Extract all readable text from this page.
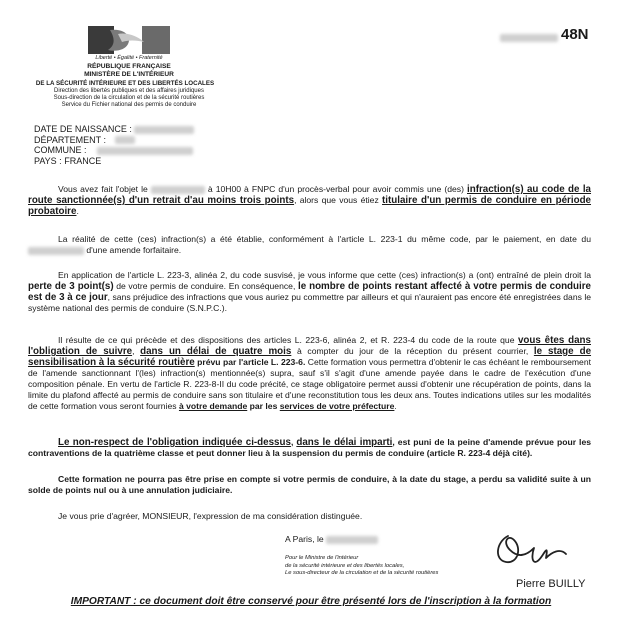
Liberté • Égalité • Fraternité
RÉPUBLIQUE FRANÇAISE
MINISTÈRE DE L'INTÉRIEUR
DE LA SÉCURITÉ INTÉRIEURE ET DES LIBERTÉS LOCALES
Direction des libertés publiques et des affaires juridiques
Sous-direction de la circulation et de la sécurité routières
Service du Fichier national des permis de conduire
48N
DATE DE NAISSANCE :
DÉPARTEMENT :
COMMUNE :
PAYS : FRANCE
Vous avez fait l'objet le	à 10H00 à FNPC d'un procès-verbal pour avoir commis une (des) infraction(s) au code de la route sanctionnée(s) d'un retrait d'au moins trois points, alors que vous étiez titulaire d'un permis de conduire en période probatoire.
La réalité de cette (ces) infraction(s) a été établie, conformément à l'article L. 223-1 du même code, par le paiement, en date du  d'une amende forfaitaire.
En application de l'article L. 223-3, alinéa 2, du code susvisé, je vous informe que cette (ces) infraction(s) a (ont) entraîné de plein droit la perte de 3 point(s) de votre permis de conduire. En conséquence, le nombre de points restant affecté à votre permis de conduire est de 3 à ce jour, sans préjudice des infractions que vous auriez pu commettre par ailleurs et qui n'auraient pas encore été enregistrées dans le système national des permis de conduire (S.N.P.C.).
Il résulte de ce qui précède et des dispositions des articles L. 223-6, alinéa 2, et R. 223-4 du code de la route que vous êtes dans l'obligation de suivre, dans un délai de quatre mois à compter du jour de la réception du présent courrier, le stage de sensibilisation à la sécurité routière prévu par l'article L. 223-6. Cette formation vous permettra d'obtenir le cas échéant le remboursement de l'amende sanctionnant l'(les) infraction(s) mentionnée(s) supra, sauf s'il s'agit d'une amende payée dans le cadre de l'exécution d'une composition pénale. En vertu de l'article R. 223-8-II du code précité, ce stage obligatoire permet aussi d'obtenir une récupération de points, dans la limite du plafond affecté au permis de conduire sans son titulaire et d'une reconstitution tous les deux ans. Toutes indications utiles sur les modalités de cette formation vous seront fournies à votre demande par les services de votre préfecture.
Le non-respect de l'obligation indiquée ci-dessus, dans le délai imparti, est puni de la peine d'amende prévue pour les contraventions de la quatrième classe et peut donner lieu à la suspension du permis de conduire (article R. 223-4 déjà cité).
Cette formation ne pourra pas être prise en compte si votre permis de conduire, à la date du stage, a perdu sa validité suite à un solde de points nul ou à une annulation judiciaire.
Je vous prie d'agréer, MONSIEUR, l'expression de ma considération distinguée.
A Paris, le
Pour le Ministre de l'intérieur
de la sécurité intérieure et des libertés locales,
Le sous-directeur de la circulation et de la sécurité routières
Pierre BUILLY
IMPORTANT : ce document doit être conservé pour être présenté lors de l'inscription à la formation
